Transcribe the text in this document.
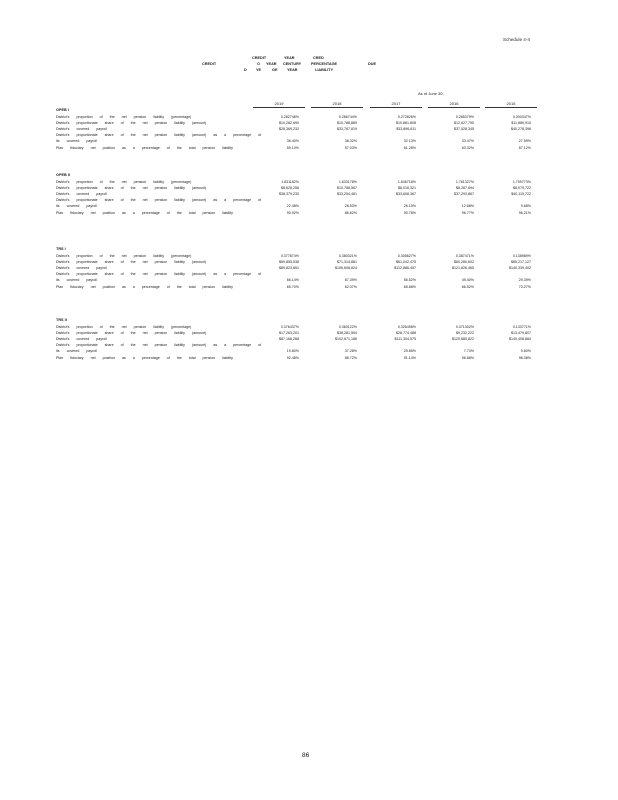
Schedule 4-4
CREDIT	YEAR	CRED
CREDIT	O YEAR CENTURY	PERCENTAGE	DUE
D YE	GE	YEAR	LIABILITY
As of June 30,
2019	2018	2017	2016	2015
OPEB I
District's proportion of the net pension liability (percentage)	0.282746%	0.286744%	0.272826%	0.285379%	0.300347%
District's proportionate share of the net pension liability (amount)	$10,282,690	$10,788,889	$10,881,808	$12,627,790	$11,889,910
District's covered payroll	$28,369,232	$33,767,819	$33,896,611	$37,528,345	$40,278,396
District's proportionate share of the net pension liability (amount) as a percentage of
its covered payroll	36.40%	38.32%	32.13%	33.47%	27.59%
Plan fiduciary net position as a percentage of the total pension liability	59.10%	57.03%	61.28%	63.32%	67.12%
OPEB II
District's proportion of the net pension liability (percentage)	1.831182%	1.633178%	1.846718%	1.781327%	1.759773%
District's proportionate share of the net pension liability (amount)	$8,628,256	$10,788,567	$8,016,321	$8,287,694	$8,079,722
District's covered payroll	$38,379,230	$33,254,481	$33,608,367	$37,293,867	$40,115,722
District's proportionate share of the net pension liability (amount) as a percentage of
its covered payroll	22.48%	28.53%	26.15%	12.68%	9.68%
Plan fiduciary net position as a percentage of the total pension liability	90.92%	86.62%	90.78%	96.77%	96.21%
TRS I
District's proportion of the net pension liability (percentage)	0.377874%	0.380321%	0.305627%	0.387471%	0.138989%
District's proportionate share of the net pension liability (amount)	$69,855,538	$71,314,881	$61,042,475	$60,280,602	$85,217,127
District's covered payroll	$89,823,851	$106,608,824	$112,886,457	$121,826,465	$140,339,402
District's proportionate share of the net pension liability (amount) as a percentage of
its covered payroll	66.14%	67.39%	56.52%	49.40%	29.39%
Plan fiduciary net position as a percentage of the total pension liability	65.70%	62.07%	65.68%	66.52%	73.27%
TRS II
District's proportion of the net pension liability (percentage)	0.376437%	0.360122%	0.326498%	0.371302%	0.133771%
District's proportionate share of the net pension liability (amount)	$17,263,201	$38,281,594	$28,774,488	$9,232,222	$13,479,807
District's covered payroll	$87,166,268	$102,671,186	$111,304,575	$120,680,822	$140,408,884
District's proportionate share of the net pension liability (amount) as a percentage of
its covered payroll	19.80%	37.28%	25.85%	7.73%	9.60%
Plan fiduciary net position as a percentage of the total pension liability	92.48%	88.72%	91.14%	96.88%	96.38%
86
